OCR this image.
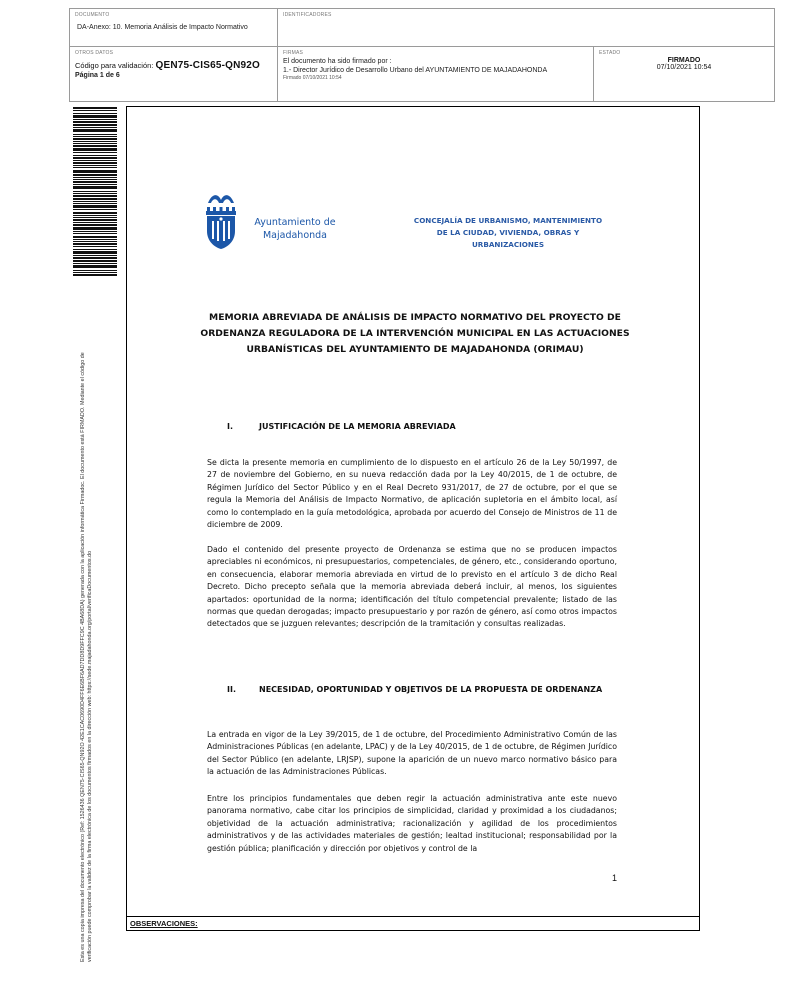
DOCUMENTO
DA-Anexo: 10. Memoria Análisis de Impacto Normativo
IDENTIFICADORES
OTROS DATOS
Código para validación: QEN75-CIS65-QN92O
Página 1 de 6
FIRMAS
El documento ha sido firmado por :
1.- Director Jurídico de Desarrollo Urbano del AYUNTAMIENTO DE MAJADAHONDA
Firmado 07/10/2021 10:54
ESTADO
FIRMADO
07/10/2021 10:54
Esta es una copia impresa del documento electrónico (Ref: 1526436 QEN75-CIS65-QN92O 42E1CAC0690D4FF6E6BF6AD7DD8D9FFC9C 4BA68DA) generada con la aplicación informática Firmadoc. El documento está FIRMADO. Mediante el código de verificación puede comprobar la validez de la firma electrónica de los documentos firmados en la dirección web: https://sede.majadahonda.org/portal/verificaDocumentos.do
Ayuntamiento de
Majadahonda
CONCEJALÍA DE URBANISMO, MANTENIMIENTO
DE LA CIUDAD, VIVIENDA, OBRAS Y
URBANIZACIONES
MEMORIA ABREVIADA DE ANÁLISIS DE IMPACTO NORMATIVO DEL PROYECTO DE
ORDENANZA REGULADORA DE LA INTERVENCIÓN MUNICIPAL EN LAS ACTUACIONES
URBANÍSTICAS DEL AYUNTAMIENTO DE MAJADAHONDA (ORIMAU)
I.	JUSTIFICACIÓN DE LA MEMORIA ABREVIADA
Se dicta la presente memoria en cumplimiento de lo dispuesto en el artículo 26 de la Ley 50/1997, de 27 de noviembre del Gobierno, en su nueva redacción dada por la Ley 40/2015, de 1 de octubre, de Régimen Jurídico del Sector Público y en el Real Decreto 931/2017, de 27 de octubre, por el que se regula la Memoria del Análisis de Impacto Normativo, de aplicación supletoria en el ámbito local, así como lo contemplado en la guía metodológica, aprobada por acuerdo del Consejo de Ministros de 11 de diciembre de 2009.
Dado el contenido del presente proyecto de Ordenanza se estima que no se producen impactos apreciables ni económicos, ni presupuestarios, competenciales, de género, etc., considerando oportuno, en consecuencia, elaborar memoria abreviada en virtud de lo previsto en el artículo 3 de dicho Real Decreto. Dicho precepto señala que la memoria abreviada deberá incluir, al menos, los siguientes apartados: oportunidad de la norma; identificación del título competencial prevalente; listado de las normas que quedan derogadas; impacto presupuestario y por razón de género, así como otros impactos detectados que se juzguen relevantes; descripción de la tramitación y consultas realizadas.
II.	NECESIDAD, OPORTUNIDAD Y OBJETIVOS DE LA PROPUESTA DE ORDENANZA
La entrada en vigor de la Ley 39/2015, de 1 de octubre, del Procedimiento Administrativo Común de las Administraciones Públicas (en adelante, LPAC) y de la Ley 40/2015, de 1 de octubre, de Régimen Jurídico del Sector Público (en adelante, LRJSP), supone la aparición de un nuevo marco normativo básico para la actuación de las Administraciones Públicas.
Entre los principios fundamentales que deben regir la actuación administrativa ante este nuevo panorama normativo, cabe citar los principios de simplicidad, claridad y proximidad a los ciudadanos; objetividad de la actuación administrativa; racionalización y agilidad de los procedimientos administrativos y de las actividades materiales de gestión; lealtad institucional; responsabilidad por la gestión pública; planificación y dirección por objetivos y control de la
1
OBSERVACIONES:
